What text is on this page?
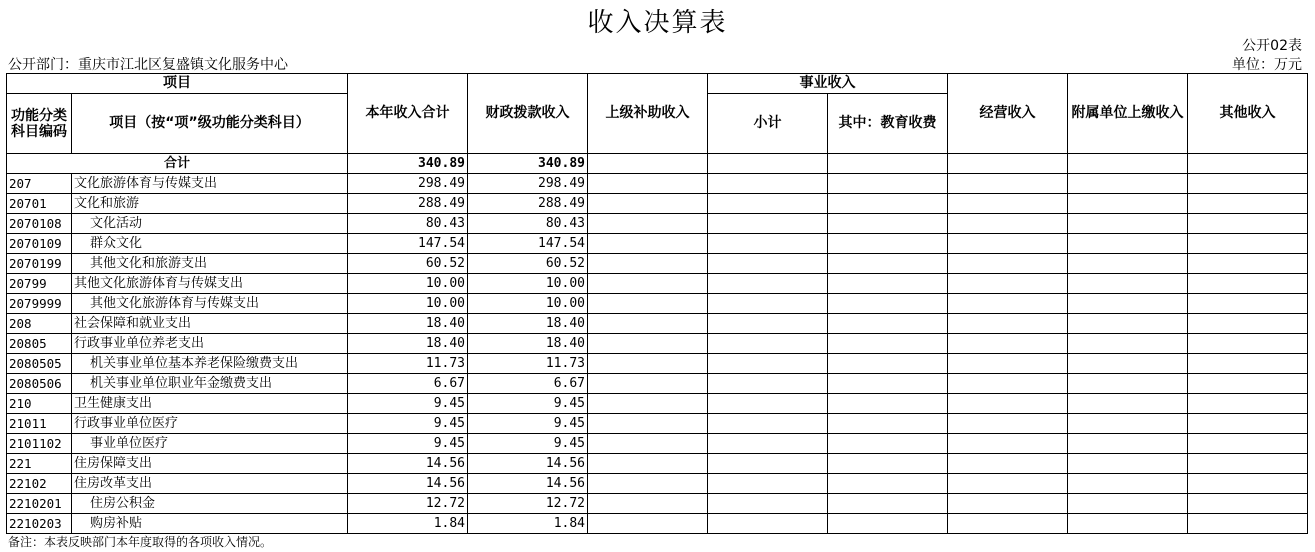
收入决算表
公开02表
单位：万元
公开部门：重庆市江北区复盛镇文化服务中心
项目		本年收入合计	财政拨款收入	上级补助收入	事业收入		经营收入	附属单位上缴收入	其他收入
功能分类科目编码	项目（按“项”级功能分类科目）				小计	其中：教育收费			

合计		340.89	340.89						
207	文化旅游体育与传媒支出	298.49	298.49						
20701	文化和旅游	288.49	288.49						
2070108	文化活动	80.43	80.43						
2070109	群众文化	147.54	147.54						
2070199	其他文化和旅游支出	60.52	60.52						
20799	其他文化旅游体育与传媒支出	10.00	10.00						
2079999	其他文化旅游体育与传媒支出	10.00	10.00						
208	社会保障和就业支出	18.40	18.40						
20805	行政事业单位养老支出	18.40	18.40						
2080505	机关事业单位基本养老保险缴费支出	11.73	11.73						
2080506	机关事业单位职业年金缴费支出	6.67	6.67						
210	卫生健康支出	9.45	9.45						
21011	行政事业单位医疗	9.45	9.45						
2101102	事业单位医疗	9.45	9.45						
221	住房保障支出	14.56	14.56						
22102	住房改革支出	14.56	14.56						
2210201	住房公积金	12.72	12.72						
2210203	购房补贴	1.84	1.84						
备注：本表反映部门本年度取得的各项收入情况。
